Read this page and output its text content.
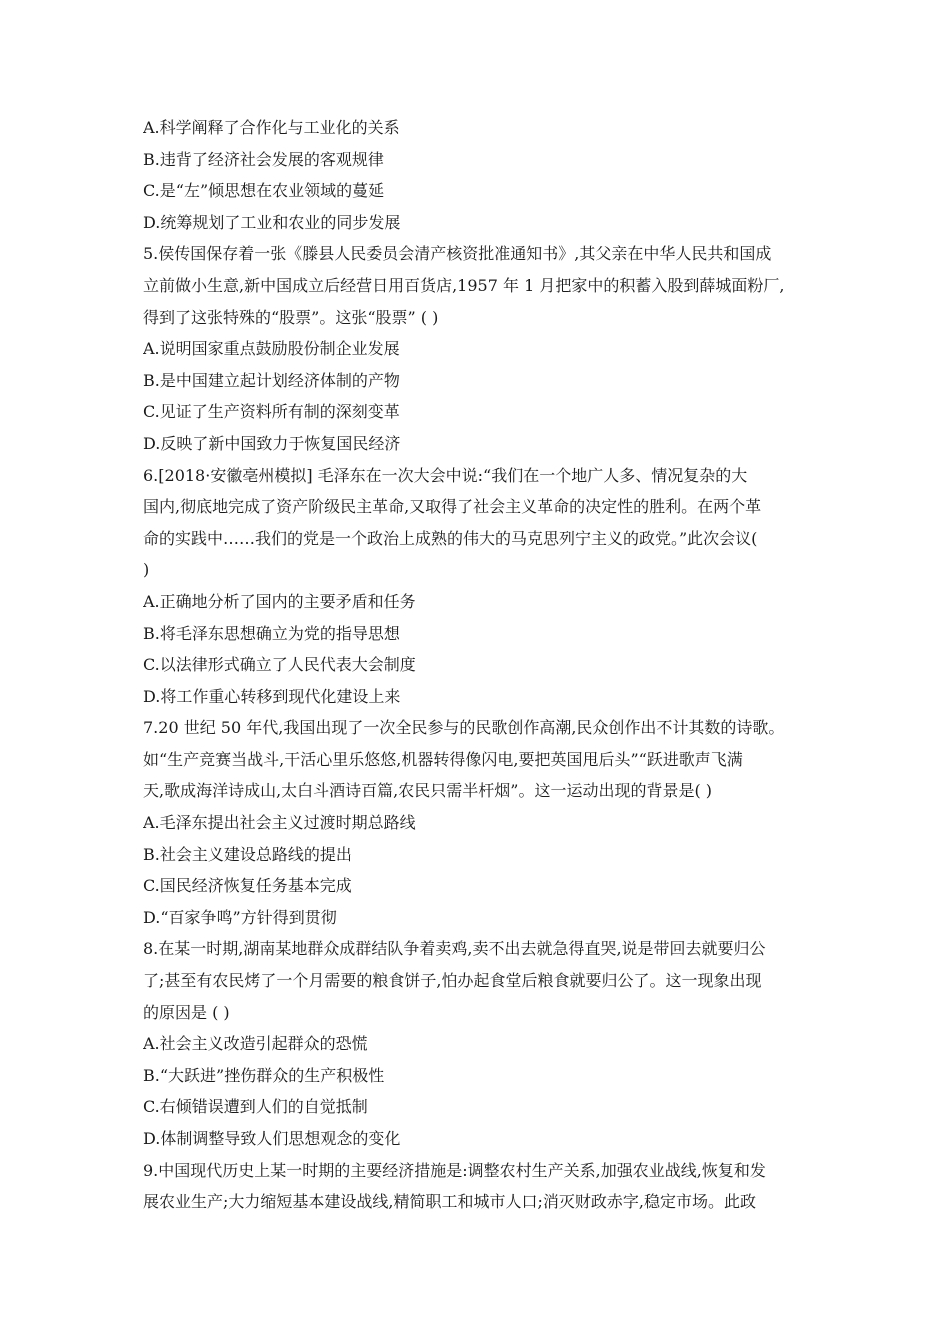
A.科学阐释了合作化与工业化的关系
B.违背了经济社会发展的客观规律
C.是“左”倾思想在农业领域的蔓延
D.统筹规划了工业和农业的同步发展
5.侯传国保存着一张《滕县人民委员会清产核资批准通知书》,其父亲在中华人民共和国成
立前做小生意,新中国成立后经营日用百货店,1957 年 1 月把家中的积蓄入股到薛城面粉厂,
得到了这张特殊的“股票”。这张“股票” ( )
A.说明国家重点鼓励股份制企业发展
B.是中国建立起计划经济体制的产物
C.见证了生产资料所有制的深刻变革
D.反映了新中国致力于恢复国民经济
6.[2018·安徽亳州模拟] 毛泽东在一次大会中说:“我们在一个地广人多、情况复杂的大
国内,彻底地完成了资产阶级民主革命,又取得了社会主义革命的决定性的胜利。在两个革
命的实践中……我们的党是一个政治上成熟的伟大的马克思列宁主义的政党。”此次会议(
)
A.正确地分析了国内的主要矛盾和任务
B.将毛泽东思想确立为党的指导思想
C.以法律形式确立了人民代表大会制度
D.将工作重心转移到现代化建设上来
7.20 世纪 50 年代,我国出现了一次全民参与的民歌创作高潮,民众创作出不计其数的诗歌。
如“生产竞赛当战斗,干活心里乐悠悠,机器转得像闪电,要把英国甩后头”“跃进歌声飞满
天,歌成海洋诗成山,太白斗酒诗百篇,农民只需半杆烟”。这一运动出现的背景是( )
A.毛泽东提出社会主义过渡时期总路线
B.社会主义建设总路线的提出
C.国民经济恢复任务基本完成
D.“百家争鸣”方针得到贯彻
8.在某一时期,湖南某地群众成群结队争着卖鸡,卖不出去就急得直哭,说是带回去就要归公
了;甚至有农民烤了一个月需要的粮食饼子,怕办起食堂后粮食就要归公了。这一现象出现
的原因是 ( )
A.社会主义改造引起群众的恐慌
B.“大跃进”挫伤群众的生产积极性
C.右倾错误遭到人们的自觉抵制
D.体制调整导致人们思想观念的变化
9.中国现代历史上某一时期的主要经济措施是:调整农村生产关系,加强农业战线,恢复和发
展农业生产;大力缩短基本建设战线,精简职工和城市人口;消灭财政赤字,稳定市场。此政
